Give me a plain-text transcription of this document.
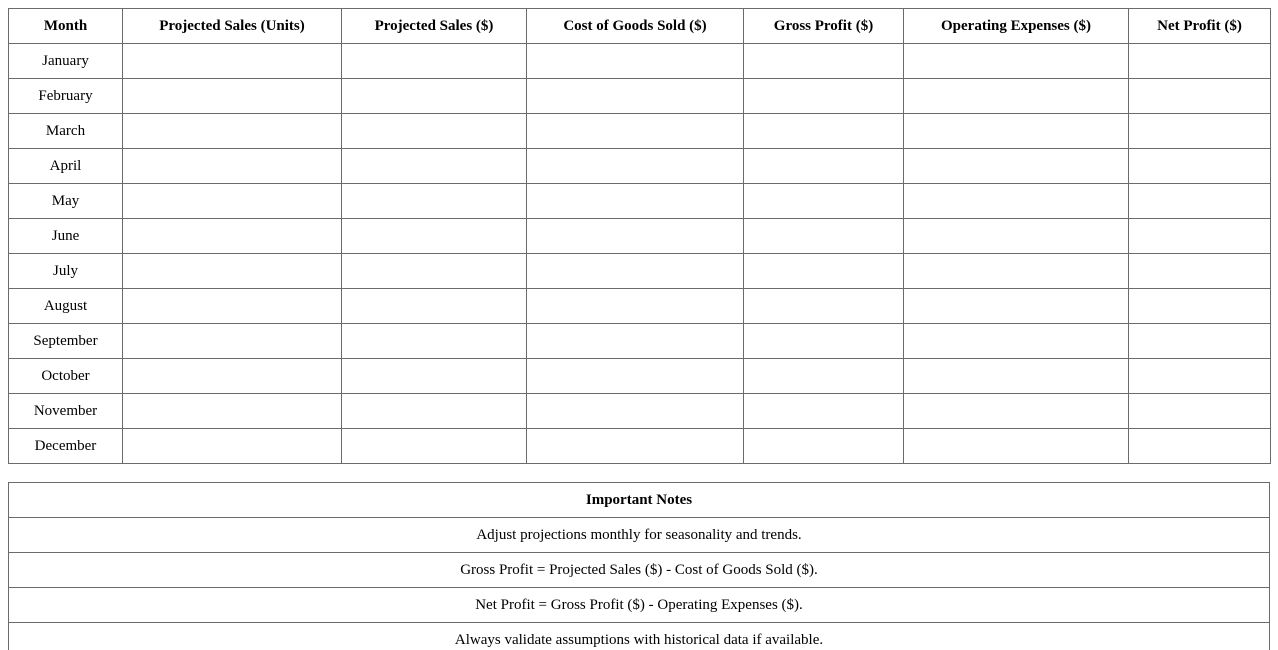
Month	Projected Sales (Units)	Projected Sales ($)	Cost of Goods Sold ($)	Gross Profit ($)	Operating Expenses ($)	Net Profit ($)
January						
February						
March						
April						
May						
June						
July						
August						
September						
October						
November						
December						
Important Notes
Adjust projections monthly for seasonality and trends.
Gross Profit = Projected Sales ($) - Cost of Goods Sold ($).
Net Profit = Gross Profit ($) - Operating Expenses ($).
Always validate assumptions with historical data if available.
